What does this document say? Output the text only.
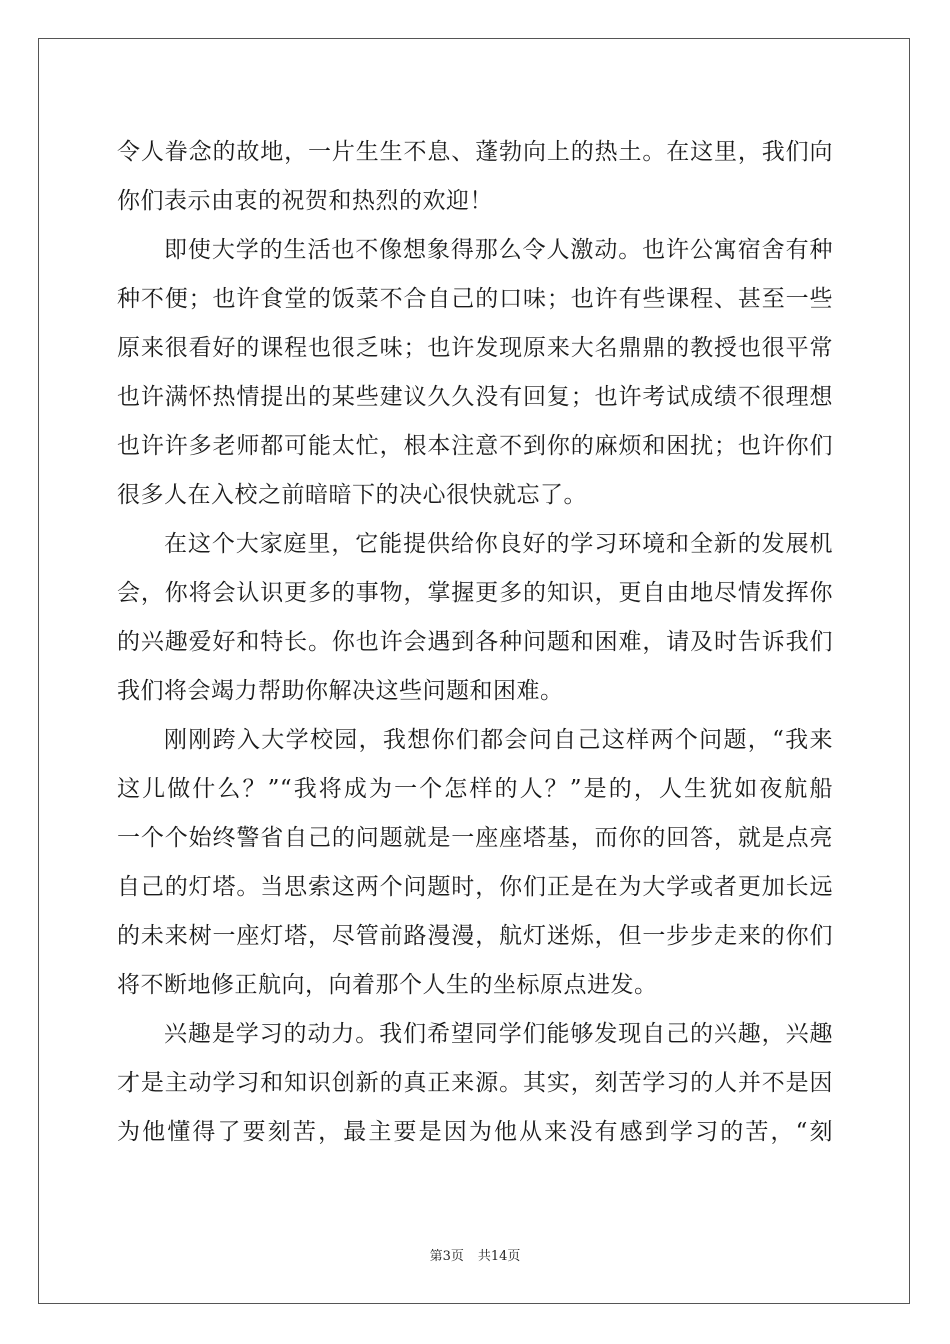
令人眷念的故地，一片生生不息、蓬勃向上的热土。在这里，我们向
你们表示由衷的祝贺和热烈的欢迎！
即使大学的生活也不像想象得那么令人激动。也许公寓宿舍有种
种不便；也许食堂的饭菜不合自己的口味；也许有些课程、甚至一些
原来很看好的课程也很乏味；也许发现原来大名鼎鼎的教授也很平常
也许满怀热情提出的某些建议久久没有回复；也许考试成绩不很理想
也许许多老师都可能太忙，根本注意不到你的麻烦和困扰；也许你们
很多人在入校之前暗暗下的决心很快就忘了。
在这个大家庭里，它能提供给你良好的学习环境和全新的发展机
会，你将会认识更多的事物，掌握更多的知识，更自由地尽情发挥你
的兴趣爱好和特长。你也许会遇到各种问题和困难，请及时告诉我们
我们将会竭力帮助你解决这些问题和困难。
刚刚跨入大学校园，我想你们都会问自己这样两个问题，“我来
这儿做什么？”“我将成为一个怎样的人？”是的，人生犹如夜航船
一个个始终警省自己的问题就是一座座塔基，而你的回答，就是点亮
自己的灯塔。当思索这两个问题时，你们正是在为大学或者更加长远
的未来树一座灯塔，尽管前路漫漫，航灯迷烁，但一步步走来的你们
将不断地修正航向，向着那个人生的坐标原点进发。
兴趣是学习的动力。我们希望同学们能够发现自己的兴趣，兴趣
才是主动学习和知识创新的真正来源。其实，刻苦学习的人并不是因
为他懂得了要刻苦，最主要是因为他从来没有感到学习的苦，“刻
第3页 共14页
